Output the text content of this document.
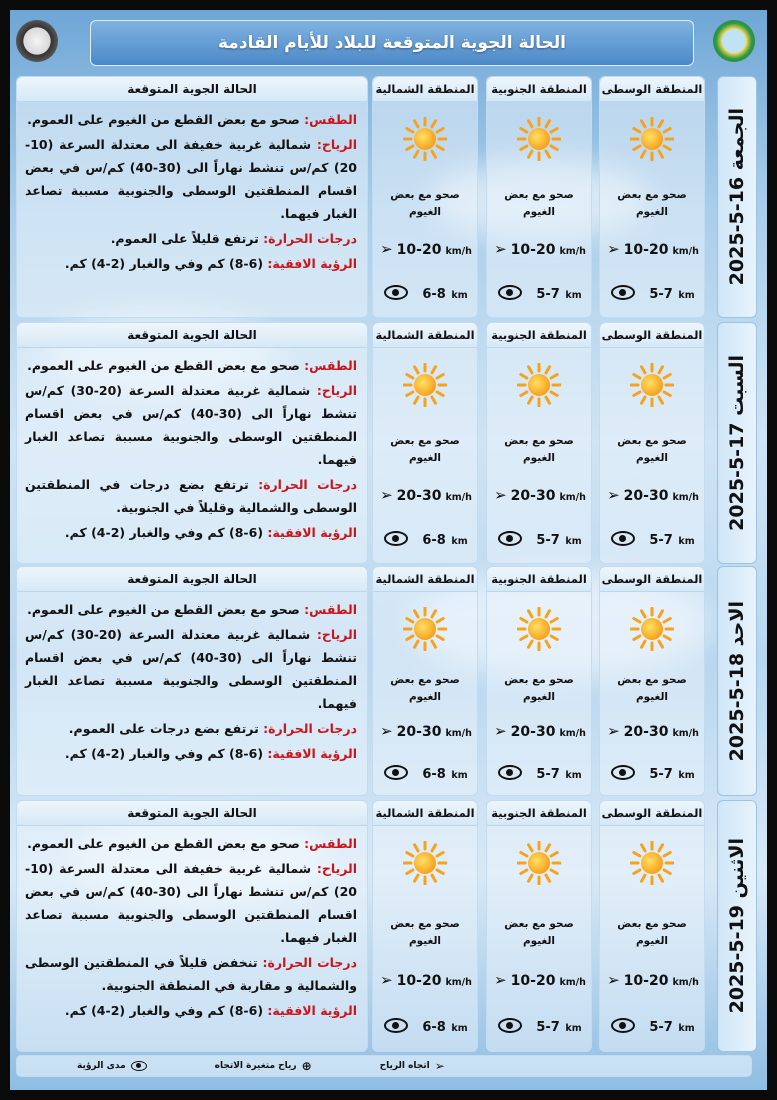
الحالة الجوية المتوقعة للبلاد للأيام القادمة
الجمعة 16-5-2025
السبت 17-5-2025
الاحد 18-5-2025
الاثنين 19-5-2025
الحالة الجوية المتوقعة
الطقس: صحو مع بعض القطع من الغيوم على العموم.
الرياح: شمالية غربية خفيفة الى معتدلة السرعة (10-20) كم/س تنشط نهاراً الى (30-40) كم/س في بعض اقسام المنطقتين الوسطى والجنوبية مسببة تصاعد الغبار فيهما.
درجات الحرارة: ترتفع قليلاً على العموم.
الرؤية الافقية: (6-8) كم وفي والغبار (2-4) كم.
المنطقة الوسطى
صحو مع بعض الغيوم
➢ 10-20 km/h
5-7 km
المنطقة الجنوبية
صحو مع بعض الغيوم
➢ 10-20 km/h
5-7 km
المنطقة الشمالية
صحو مع بعض الغيوم
➢ 10-20 km/h
6-8 km
الحالة الجوية المتوقعة
الطقس: صحو مع بعض القطع من الغيوم على العموم.
الرياح: شمالية غربية معتدلة السرعة (20-30) كم/س تنشط نهاراً الى (30-40) كم/س في بعض اقسام المنطقتين الوسطى والجنوبية مسببة تصاعد الغبار فيهما.
درجات الحرارة: ترتفع بضع درجات في المنطقتين الوسطى والشمالية وقليلاً في الجنوبية.
الرؤية الافقية: (6-8) كم وفي والغبار (2-4) كم.
المنطقة الوسطى
صحو مع بعض الغيوم
➢ 20-30 km/h
5-7 km
المنطقة الجنوبية
صحو مع بعض الغيوم
➢ 20-30 km/h
5-7 km
المنطقة الشمالية
صحو مع بعض الغيوم
➢ 20-30 km/h
6-8 km
الحالة الجوية المتوقعة
الطقس: صحو مع بعض القطع من الغيوم على العموم.
الرياح: شمالية غربية معتدلة السرعة (20-30) كم/س تنشط نهاراً الى (30-40) كم/س في بعض اقسام المنطقتين الوسطى والجنوبية مسببة تصاعد الغبار فيهما.
درجات الحرارة: ترتفع بضع درجات على العموم.
الرؤية الافقية: (6-8) كم وفي والغبار (2-4) كم.
المنطقة الوسطى
صحو مع بعض الغيوم
➢ 20-30 km/h
5-7 km
المنطقة الجنوبية
صحو مع بعض الغيوم
➢ 20-30 km/h
5-7 km
المنطقة الشمالية
صحو مع بعض الغيوم
➢ 20-30 km/h
6-8 km
الحالة الجوية المتوقعة
الطقس: صحو مع بعض القطع من الغيوم على العموم.
الرياح: شمالية غربية خفيفة الى معتدلة السرعة (10-20) كم/س تنشط نهاراً الى (30-40) كم/س في بعض اقسام المنطقتين الوسطى والجنوبية مسببة تصاعد الغبار فيهما.
درجات الحرارة: تنخفض قليلاً في المنطقتين الوسطى والشمالية و مقاربة في المنطقة الجنوبية.
الرؤية الافقية: (6-8) كم وفي والغبار (2-4) كم.
المنطقة الوسطى
صحو مع بعض الغيوم
➢ 10-20 km/h
5-7 km
المنطقة الجنوبية
صحو مع بعض الغيوم
➢ 10-20 km/h
5-7 km
المنطقة الشمالية
صحو مع بعض الغيوم
➢ 10-20 km/h
6-8 km
➢
اتجاه الرياح
⊕
رياح متغيرة الاتجاه
مدى الرؤية
